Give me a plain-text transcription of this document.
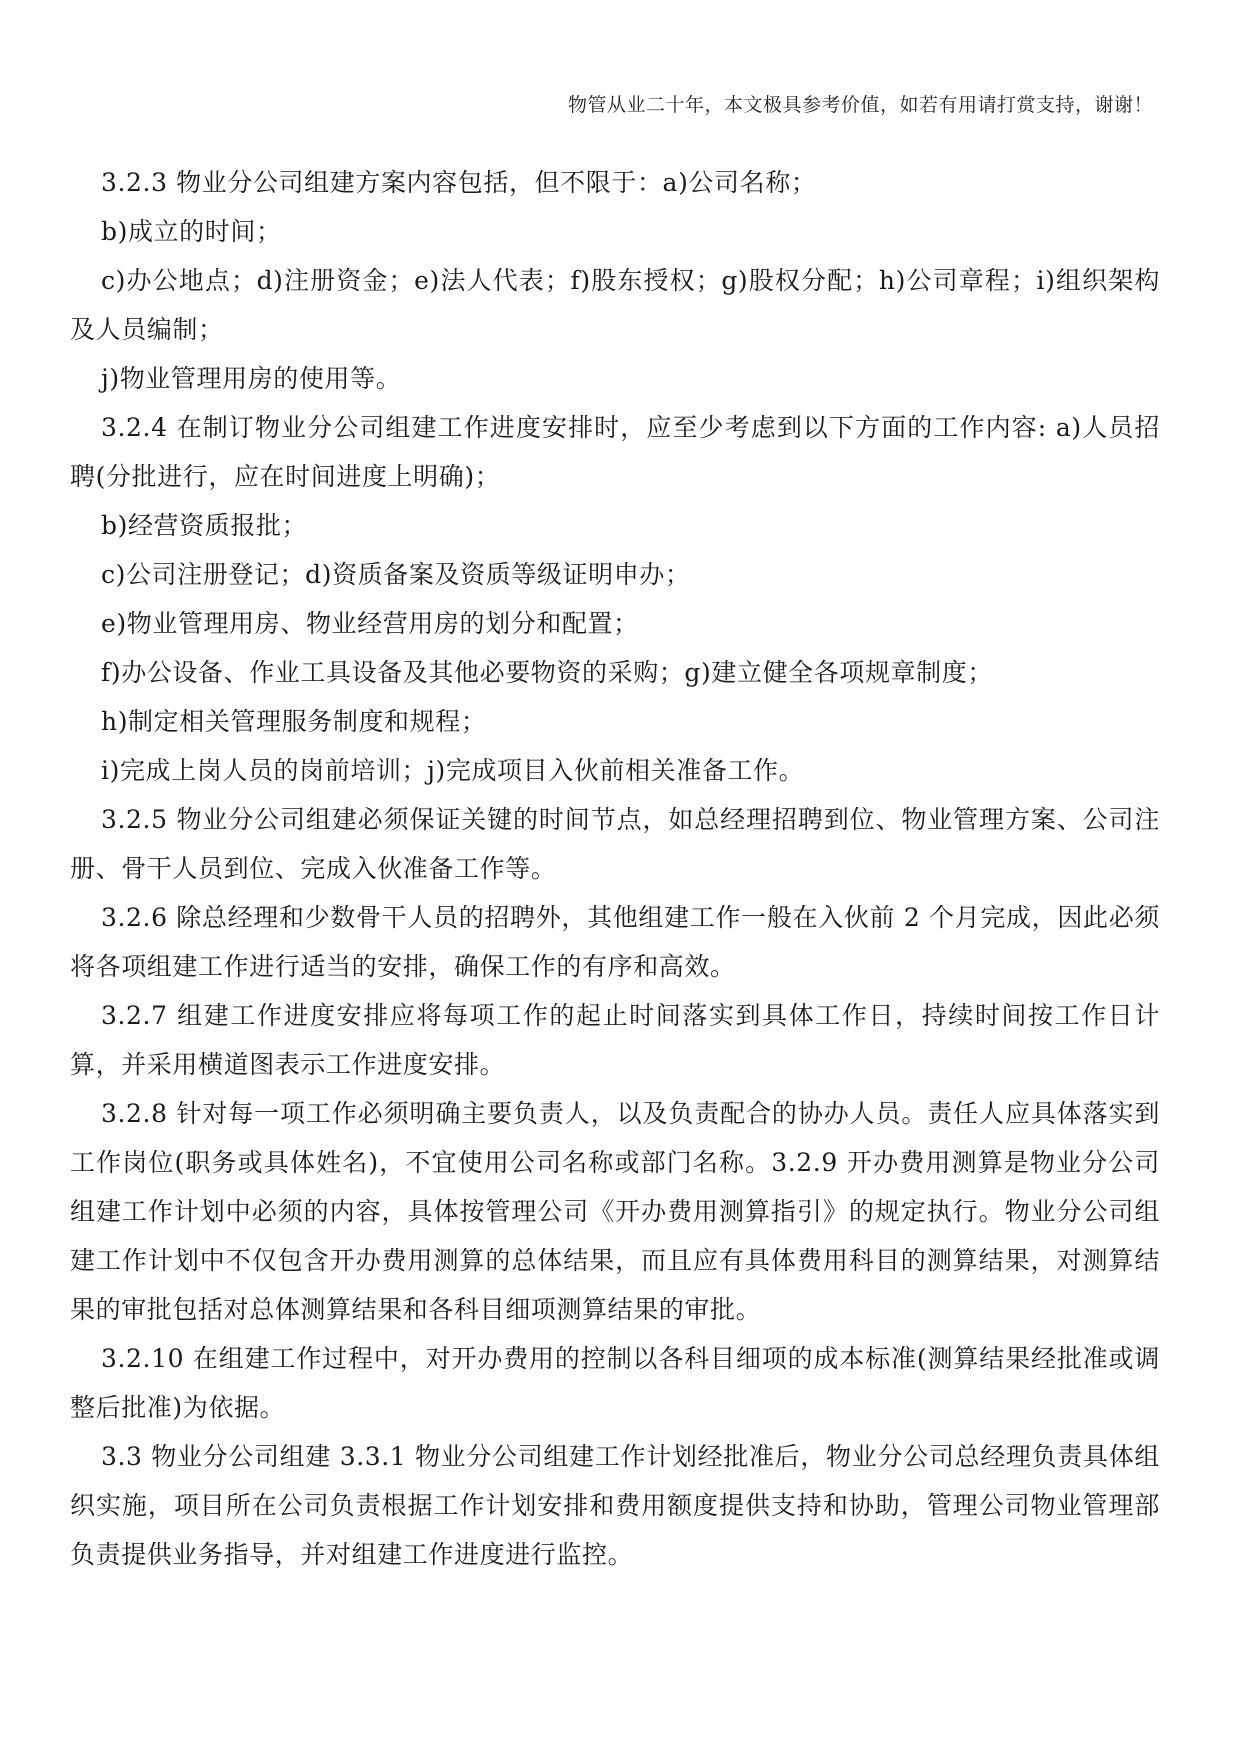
物管从业二十年，本文极具参考价值，如若有用请打赏支持，谢谢！

3.2.3 物业分公司组建方案内容包括，但不限于：a)公司名称；

b)成立的时间；

c)办公地点；d)注册资金；e)法人代表；f)股东授权；g)股权分配；h)公司章程；i)组织架构及人员编制；

j)物业管理用房的使用等。

3.2.4 在制订物业分公司组建工作进度安排时，应至少考虑到以下方面的工作内容: a)人员招聘(分批进行，应在时间进度上明确)；

b)经营资质报批；

c)公司注册登记；d)资质备案及资质等级证明申办；

e)物业管理用房、物业经营用房的划分和配置；

f)办公设备、作业工具设备及其他必要物资的采购；g)建立健全各项规章制度；

h)制定相关管理服务制度和规程；

i)完成上岗人员的岗前培训；j)完成项目入伙前相关准备工作。

3.2.5 物业分公司组建必须保证关键的时间节点，如总经理招聘到位、物业管理方案、公司注册、骨干人员到位、完成入伙准备工作等。

3.2.6 除总经理和少数骨干人员的招聘外，其他组建工作一般在入伙前 2 个月完成，因此必须将各项组建工作进行适当的安排，确保工作的有序和高效。

3.2.7 组建工作进度安排应将每项工作的起止时间落实到具体工作日，持续时间按工作日计算，并采用横道图表示工作进度安排。

3.2.8 针对每一项工作必须明确主要负责人，以及负责配合的协办人员。责任人应具体落实到工作岗位(职务或具体姓名)，不宜使用公司名称或部门名称。3.2.9 开办费用测算是物业分公司组建工作计划中必须的内容，具体按管理公司《开办费用测算指引》的规定执行。物业分公司组建工作计划中不仅包含开办费用测算的总体结果，而且应有具体费用科目的测算结果，对测算结果的审批包括对总体测算结果和各科目细项测算结果的审批。

3.2.10 在组建工作过程中，对开办费用的控制以各科目细项的成本标准(测算结果经批准或调整后批准)为依据。

3.3 物业分公司组建 3.3.1 物业分公司组建工作计划经批准后，物业分公司总经理负责具体组织实施，项目所在公司负责根据工作计划安排和费用额度提供支持和协助，管理公司物业管理部负责提供业务指导，并对组建工作进度进行监控。
